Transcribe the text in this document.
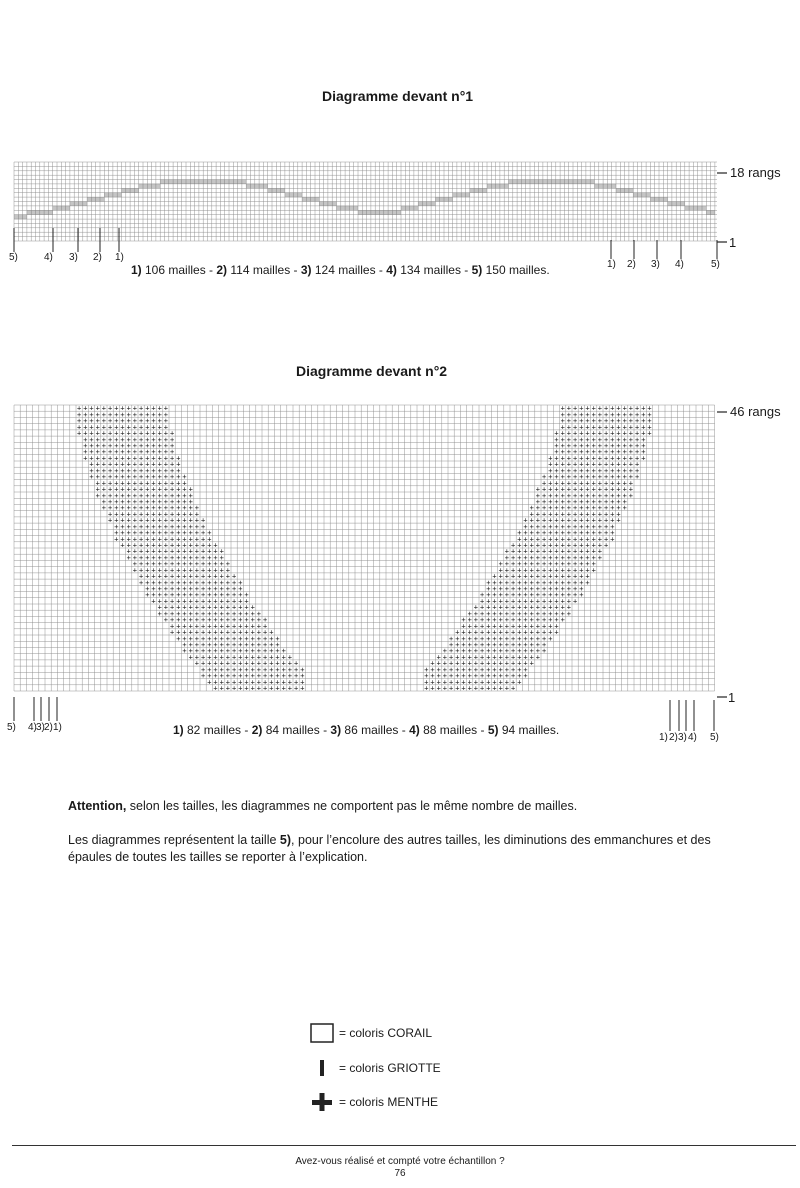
Diagramme devant n°1
18 rangs
1
5)	4) 3) 2) 1)
1) 2) 3) 4)	5)
1) 106 mailles - 2) 114 mailles - 3) 124 mailles - 4) 134 mailles - 5) 150 mailles.
Diagramme devant n°2
+ + + + + + + + + + + + + + +	+
+
+
+
+
+
+
+
+
+
+
+
+
+
+
+ + + + + + + + + + + + + + +	+
+
+
+
+
+
+
+
+
+
+
+
+
+
+
+ + + + + + + + + + + + + + +	+
+
+
+
+
+
+
+
+
+
+
+
+
+
+
+ + + + + + + + + + + + + + +	+
+
+
+
+
+
+
+
+
+
+
+
+
+
+
+ + + + + + + + + + + + + + + +	+
+
+
+
+
+
+
+
+
+
+
+
+
+
+
+
+ + + + + + + + + + + + + + +	+
+
+
+
+
+
+
+
+
+
+
+
+
+
+
+ + + + + + + + + + + + + + +	+
+
+
+
+
+
+
+
+
+
+
+
+
+
+
+ + + + + + + + + + + + + + +	+
+
+
+
+
+
+
+
+
+
+
+
+
+
+
+ + + + + + + + + + + + + + + +	+
+
+
+
+
+
+
+
+
+
+
+
+
+
+
+
+ + + + + + + + + + + + + + +	+
+
+
+
+
+
+
+
+
+
+
+
+
+
+
+ + + + + + + + + + + + + + +	+
+
+
+
+
+
+
+
+
+
+
+
+
+
+
+ + + + + + + + + + + + + + + +	+
+
+
+
+
+
+
+
+
+
+
+
+
+
+
+
+ + + + + + + + + + + + + + +	+
+
+
+
+
+
+
+
+
+
+
+
+
+
+
+ + + + + + + + + + + + + + + +	+
+
+
+
+
+
+
+
+
+
+
+
+
+
+
+
+ + + + + + + + + + + + + + + +	+
+
+
+
+
+
+
+
+
+
+
+
+
+
+
+
+ + + + + + + + + + + + + + +	+
+
+
+
+
+
+
+
+
+
+
+
+
+
+
+ + + + + + + + + + + + + + + +	+
+
+
+
+
+
+
+
+
+
+
+
+
+
+
+
+ + + + + + + + + + + + + + +	+
+
+
+
+
+
+
+
+
+
+
+
+
+
+
+ + + + + + + + + + + + + + + +	+
+
+
+
+
+
+
+
+
+
+
+
+
+
+
+
+ + + + + + + + + + + + + + +	+
+
+
+
+
+
+
+
+
+
+
+
+
+
+
+ + + + + + + + + + + + + + + +	+
+
+
+
+
+
+
+
+
+
+
+
+
+
+
+
+ + + + + + + + + + + + + + + +	+
+
+
+
+
+
+
+
+
+
+
+
+
+
+
+
+ + + + + + + + + + + + + + + +	+
+
+
+
+
+
+
+
+
+
+
+
+
+
+
+
+ + + + + + + + + + + + + + + +	+
+
+
+
+
+
+
+
+
+
+
+
+
+
+
+
+ + + + + + + + + + + + + + + +	+
+
+
+
+
+
+
+
+
+
+
+
+
+
+
+
+ + + + + + + + + + + + + + + +	+
+
+
+
+
+
+
+
+
+
+
+
+
+
+
+
+ + + + + + + + + + + + + + + +	+
+
+
+
+
+
+
+
+
+
+
+
+
+
+
+
+ + + + + + + + + + + + + + + +	+
+
+
+
+
+
+
+
+
+
+
+
+
+
+
+
+ + + + + + + + + + + + + + + + +	+
+
+
+
+
+
+
+
+
+
+
+
+
+
+
+
+
+ + + + + + + + + + + + + + + +	+
+
+
+
+
+
+
+
+
+
+
+
+
+
+
+
+ + + + + + + + + + + + + + + + +	+
+
+
+
+
+
+
+
+
+
+
+
+
+
+
+
+
+ + + + + + + + + + + + + + + +	+
+
+
+
+
+
+
+
+
+
+
+
+
+
+
+
+ + + + + + + + + + + + + + + +	+
+
+
+
+
+
+
+
+
+
+
+
+
+
+
+
+ + + + + + + + + + + + + + + + +	+
+
+
+
+
+
+
+
+
+
+
+
+
+
+
+
+
+ + + + + + + + + + + + + + + + +	+
+
+
+
+
+
+
+
+
+
+
+
+
+
+
+
+
+ + + + + + + + + + + + + + + +	+
+
+
+
+
+
+
+
+
+
+
+
+
+
+
+
+ + + + + + + + + + + + + + + + +	+
+
+
+
+
+
+
+
+
+
+
+
+
+
+
+
+
+ + + + + + + + + + + + + + + + +	+
+
+
+
+
+
+
+
+
+
+
+
+
+
+
+
+
+ + + + + + + + + + + + + + + +	+
+
+
+
+
+
+
+
+
+
+
+
+
+
+
+
+ + + + + + + + + + + + + + + + +	+
+
+
+
+
+
+
+
+
+
+
+
+
+
+
+
+
+ + + + + + + + + + + + + + + + +	+
+
+
+
+
+
+
+
+
+
+
+
+
+
+
+
+
+ + + + + + + + + + + + + + + + +	+
+
+
+
+
+
+
+
+
+
+
+
+
+
+
+
+
+ + + + + + + + + + + + + + + + +	+
+
+
+
+
+
+
+
+
+
+
+
+
+
+
+
+
+ + + + + + + + + + + + + + + + +	+
+
+
+
+
+
+
+
+
+
+
+
+
+
+
+
+
+ + + + + + + + + + + + + + + +	+
+
+
+
+
+
+
+
+
+
+
+
+
+
+
+
+ + + + + + + + + + + + + + +	+
+
+
+
+
+
+
+
+
+
+
+
+
+
+
46 rangs
1
5) 4) 3) 2) 1)
1) 2) 3) 4) 5)
1) 82 mailles - 2) 84 mailles - 3) 86 mailles - 4) 88 mailles - 5) 94 mailles.
Attention, selon les tailles, les diagrammes ne comportent pas le même nombre de mailles.
Les diagrammes représentent la taille 5), pour l’encolure des autres tailles, les diminutions des emmanchures et des épaules de toutes les tailles se reporter à l’explication.
= coloris CORAIL
= coloris GRIOTTE
= coloris MENTHE
Avez-vous réalisé et compté votre échantillon ?
76
